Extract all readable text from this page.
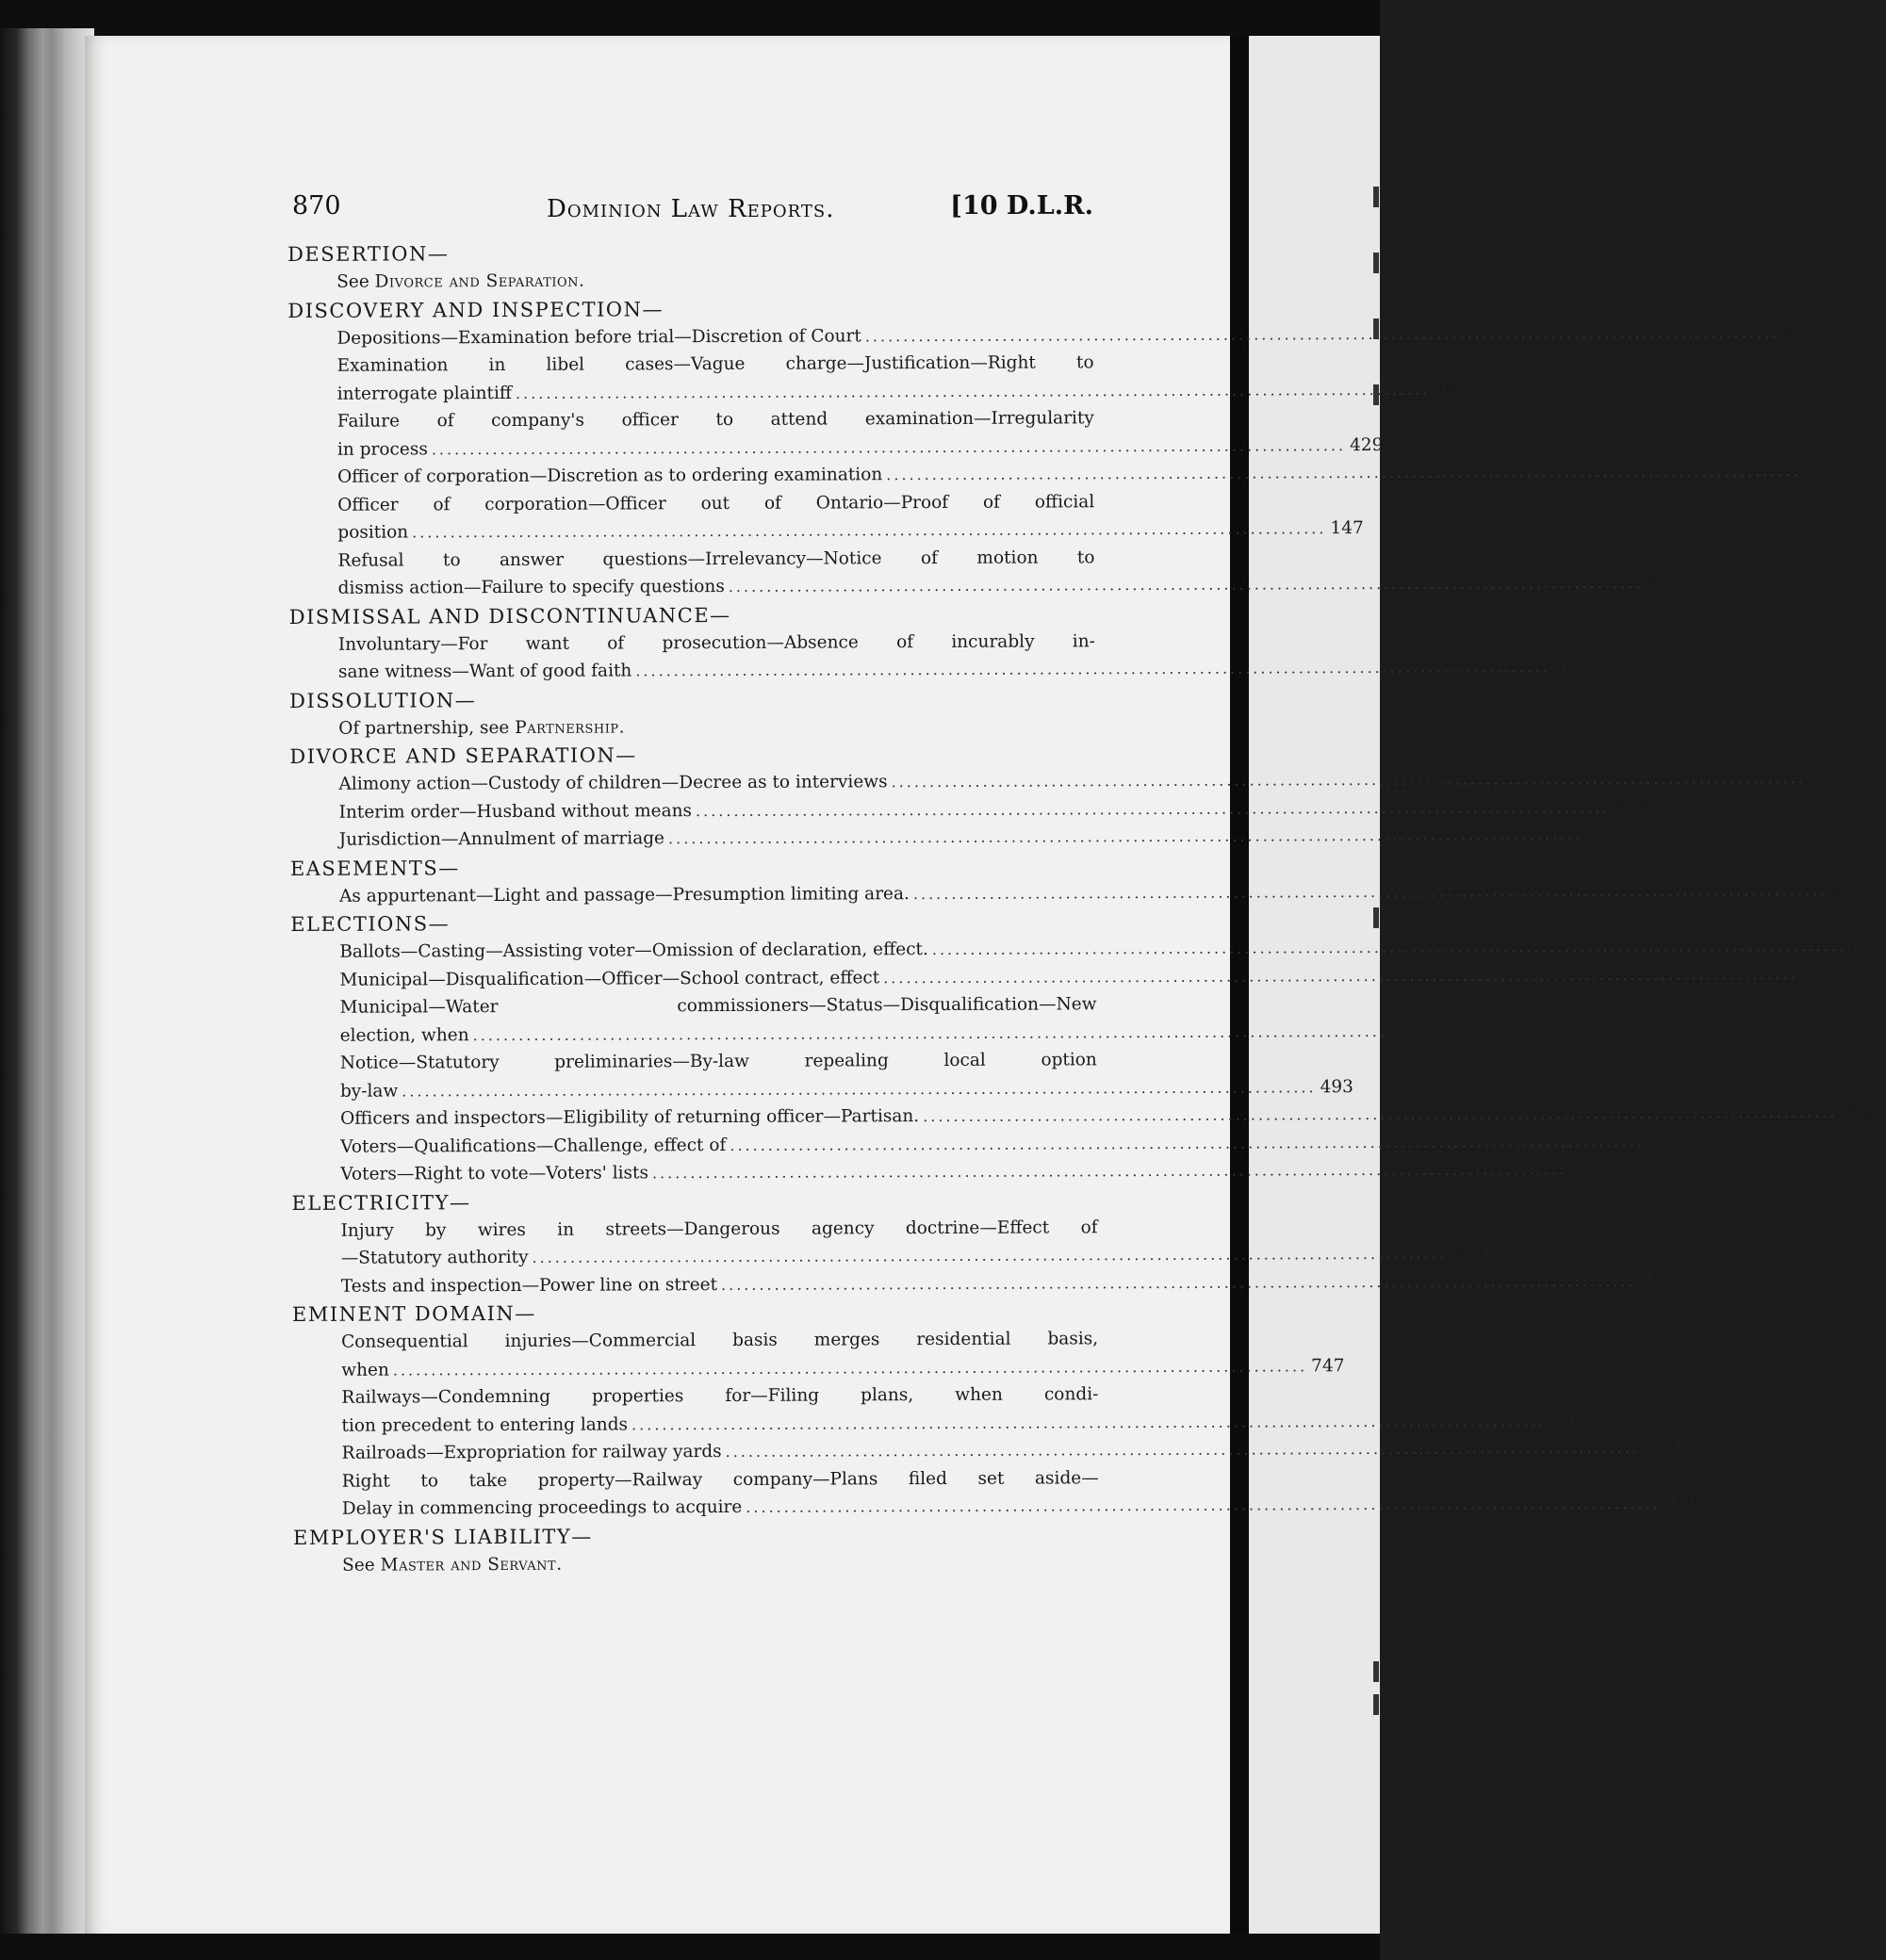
870	Dominion Law Reports.	[10 D.L.R.
DESERTION—
See Divorce and Separation.
DISCOVERY AND INSPECTION—
Depositions—Examination before trial—Discretion of Court ........................................................................................................................ 805
Examination in libel cases—Vague charge—Justification—Right to
interrogate plaintiff ........................................................................................................................ 495
Failure of company's officer to attend examination—Irregularity
in process ........................................................................................................................ 429
Officer of corporation—Discretion as to ordering examination ........................................................................................................................ 429
Officer of corporation—Officer out of Ontario—Proof of official
position ........................................................................................................................ 147
Refusal to answer questions—Irrelevancy—Notice of motion to
dismiss action—Failure to specify questions ........................................................................................................................ 826
DISMISSAL AND DISCONTINUANCE—
Involuntary—For want of prosecution—Absence of incurably in-
sane witness—Want of good faith ........................................................................................................................ 103
DISSOLUTION—
Of partnership, see Partnership.
DIVORCE AND SEPARATION—
Alimony action—Custody of children—Decree as to interviews ........................................................................................................................ 367
Interim order—Husband without means ........................................................................................................................ 829
Jurisdiction—Annulment of marriage ........................................................................................................................ 215
EASEMENTS—
As appurtenant—Light and passage—Presumption limiting area. ........................................................................................................................ 224
ELECTIONS—
Ballots—Casting—Assisting voter—Omission of declaration, effect. ........................................................................................................................ 662
Municipal—Disqualification—Officer—School contract, effect ........................................................................................................................ 761
Municipal—Water commissioners—Status—Disqualification—New
election, when ........................................................................................................................ 761
Notice—Statutory preliminaries—By-law repealing local option
by-law ........................................................................................................................ 493
Officers and inspectors—Eligibility of returning officer—Partisan. ........................................................................................................................ 662
Voters—Qualifications—Challenge, effect of ........................................................................................................................ 392
Voters—Right to vote—Voters' lists ........................................................................................................................ 392
ELECTRICITY—
Injury by wires in streets—Dangerous agency doctrine—Effect of
—Statutory authority ........................................................................................................................ 459
Tests and inspection—Power line on street ........................................................................................................................ 459
EMINENT DOMAIN—
Consequential injuries—Commercial basis merges residential basis,
when ........................................................................................................................ 747
Railways—Condemning properties for—Filing plans, when condi-
tion precedent to entering lands ........................................................................................................................ 388
Railroads—Expropriation for railway yards ........................................................................................................................ 122
Right to take property—Railway company—Plans filed set aside—
Delay in commencing proceedings to acquire ........................................................................................................................ 469
EMPLOYER'S LIABILITY—
See Master and Servant.
